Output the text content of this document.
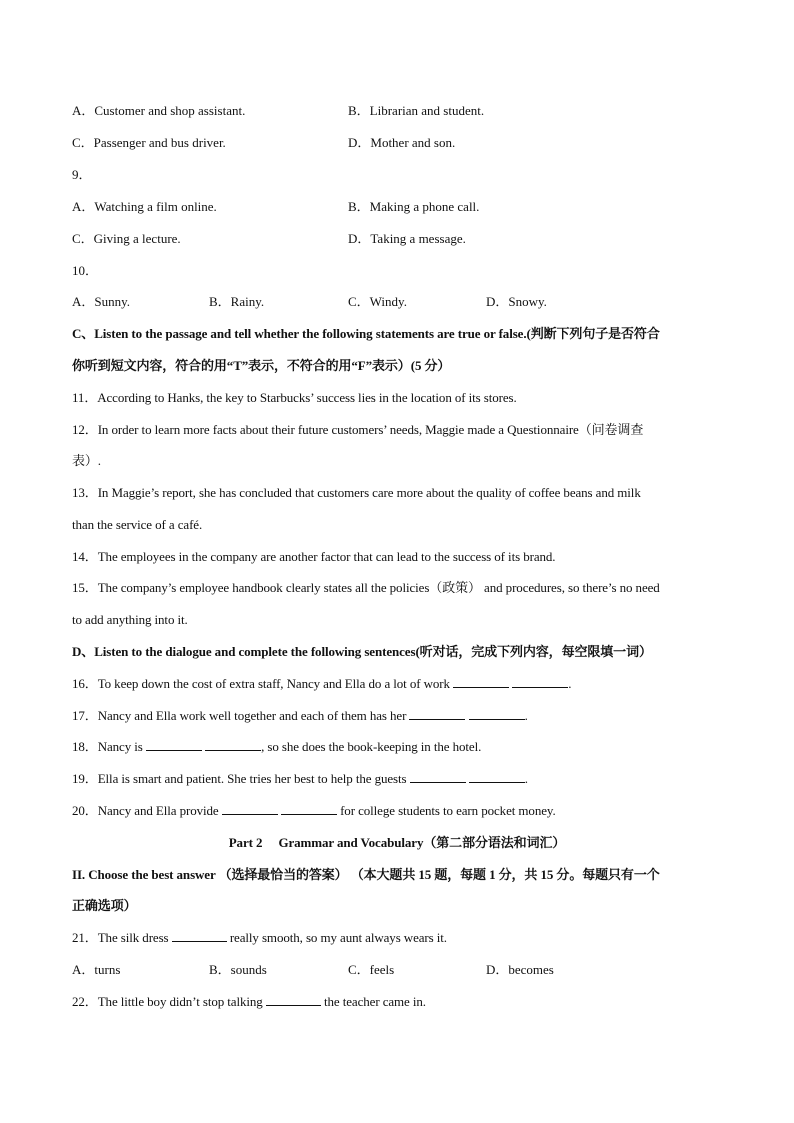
A．Customer and shop assistant.	B．Librarian and student.
C．Passenger and bus driver.	D．Mother and son.
9．
A．Watching a film online.	B．Making a phone call.
C．Giving a lecture.	D．Taking a message.
10．
A．Sunny.	B．Rainy.	C．Windy.	D．Snowy.
C、Listen to the passage and tell whether the following statements are true or false.(判断下列句子是否符合
你听到短文内容，符合的用“T”表示，不符合的用“F”表示）(5 分）
11．According to Hanks, the key to Starbucks’ success lies in the location of its stores.
12．In order to learn more facts about their future customers’ needs, Maggie made a Questionnaire（问卷调查
表）.
13．In Maggie’s report, she has concluded that customers care more about the quality of coffee beans and milk
than the service of a café.
14．The employees in the company are another factor that can lead to the success of its brand.
15．The company’s employee handbook clearly states all the policies（政策） and procedures, so there’s no need
to add anything into it.
D、Listen to the dialogue and complete the following sentences(听对话，完成下列内容，每空限填一词）
16．To keep down the cost of extra staff, Nancy and Ella do a lot of work	.
17．Nancy and Ella work well together and each of them has her	.
18．Nancy is	, so she does the book-keeping in the hotel.
19．Ella is smart and patient. She tries her best to help the guests	.
20．Nancy and Ella provide	for college students to earn pocket money.
Part 2　 Grammar and Vocabulary（第二部分语法和词汇）
II. Choose the best answer （选择最恰当的答案） （本大题共 15 题，每题 1 分，共 15 分。每题只有一个
正确选项）
21．The silk dress	really smooth, so my aunt always wears it.
A．turns	B．sounds	C．feels	D．becomes
22．The little boy didn’t stop talking	the teacher came in.
